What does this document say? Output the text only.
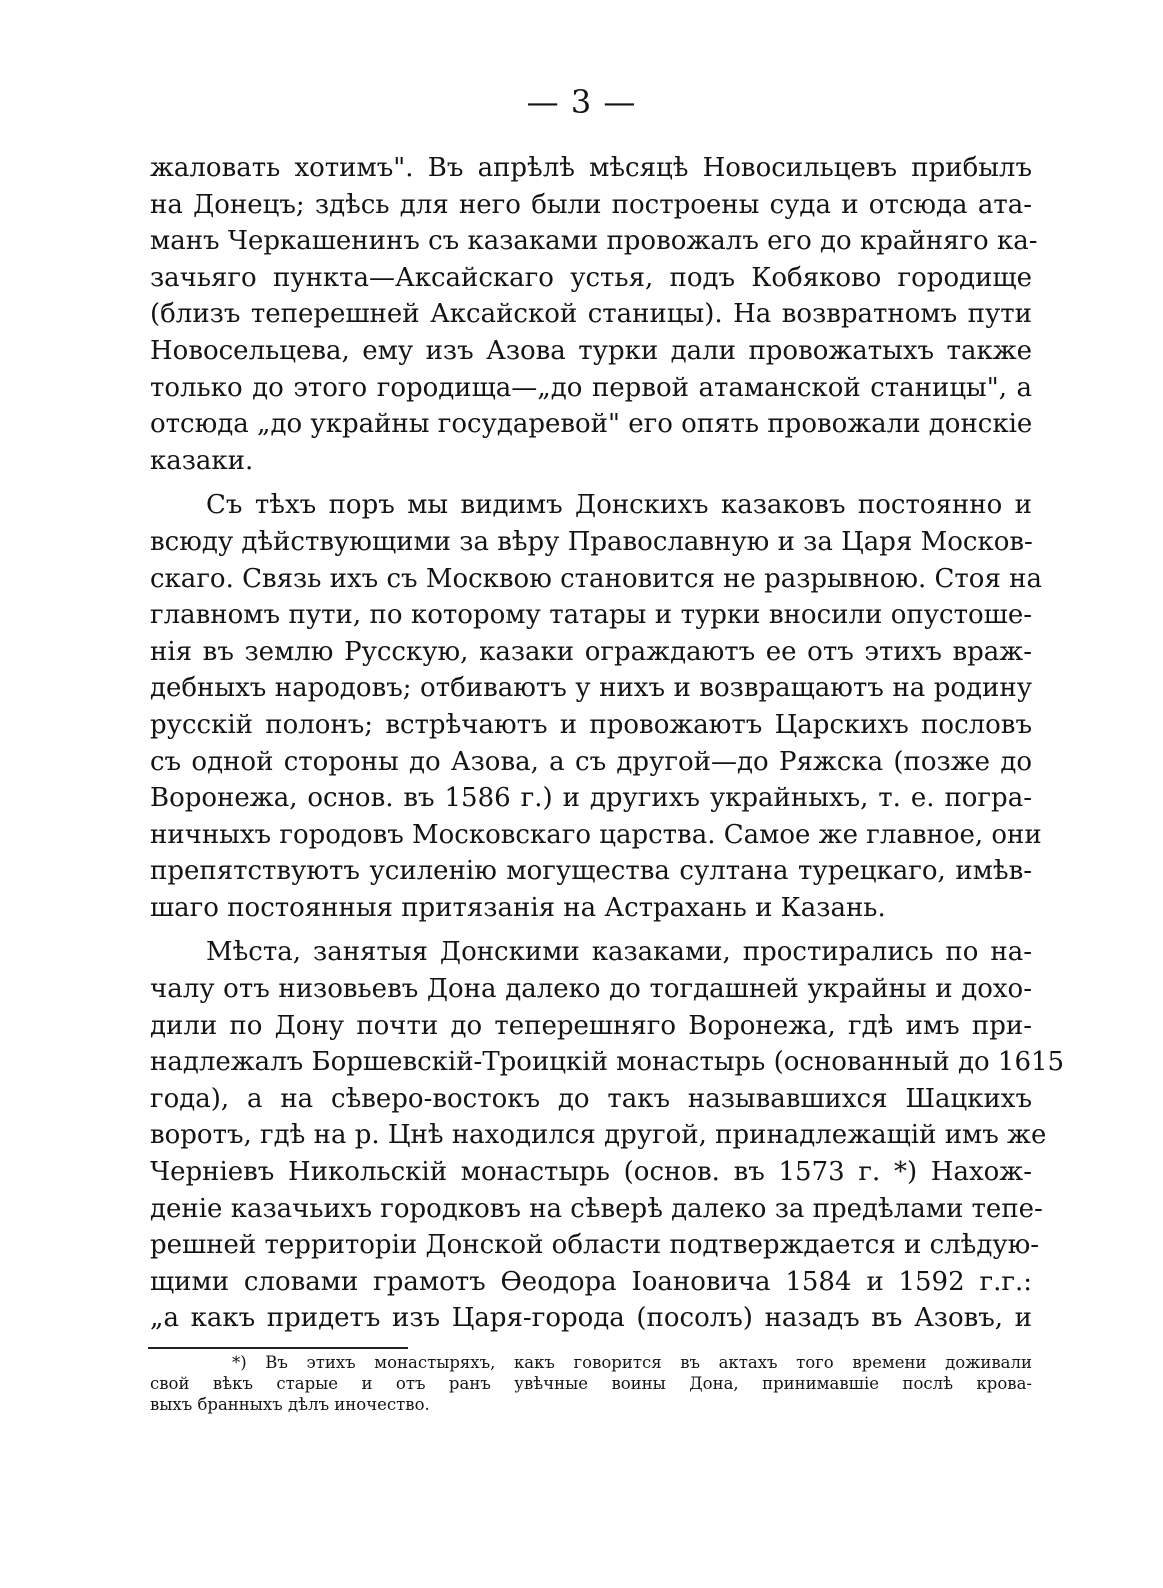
— 3 —

жаловать хотимъ". Въ апрѣлѣ мѣсяцѣ Новосильцевъ прибылъ
на Донецъ; здѣсь для него были построены суда и отсюда ата-
манъ Черкашенинъ съ казаками провожалъ его до крайняго ка-
зачьяго пункта—Аксайскаго устья, подъ Кобяково городище
(близъ теперешней Аксайской станицы). На возвратномъ пути
Новосельцева, ему изъ Азова турки дали провожатыхъ также
только до этого городища—„до первой атаманской станицы", а
отсюда „до украйны государевой" его опять провожали донскіе
казаки.

Съ тѣхъ поръ мы видимъ Донскихъ казаковъ постоянно и
всюду дѣйствующими за вѣру Православную и за Царя Москов-
скаго. Связь ихъ съ Москвою становится не разрывною. Стоя на
главномъ пути, по которому татары и турки вносили опустоше-
нія въ землю Русскую, казаки ограждаютъ ее отъ этихъ враж-
дебныхъ народовъ; отбиваютъ у нихъ и возвращаютъ на родину
русскій полонъ; встрѣчаютъ и провожаютъ Царскихъ пословъ
съ одной стороны до Азова, а съ другой—до Ряжска (позже до
Воронежа, основ. въ 1586 г.) и другихъ украйныхъ, т. е. погра-
ничныхъ городовъ Московскаго царства. Самое же главное, они
препятствуютъ усиленію могущества султана турецкаго, имѣв-
шаго постоянныя притязанія на Астрахань и Казань.

Мѣста, занятыя Донскими казаками, простирались по на-
чалу отъ низовьевъ Дона далеко до тогдашней украйны и дохо-
дили по Дону почти до теперешняго Воронежа, гдѣ имъ при-
надлежалъ Боршевскій-Троицкій монастырь (основанный до 1615
года), а на сѣверо-востокъ до такъ называвшихся Шацкихъ
воротъ, гдѣ на р. Цнѣ находился другой, принадлежащій имъ же
Черніевъ Никольскій монастырь (основ. въ 1573 г. *) Нахож-
деніе казачьихъ городковъ на сѣверѣ далеко за предѣлами тепе-
решней территоріи Донской области подтверждается и слѣдую-
щими словами грамотъ Ѳеодора Іоановича 1584 и 1592 г.г.:
„а какъ придетъ изъ Царя-города (посолъ) назадъ въ Азовъ, и

*) Въ этихъ монастыряхъ, какъ говорится въ актахъ того времени доживали
свой вѣкъ старые и отъ ранъ увѣчные воины Дона, принимавшіе послѣ крова-
выхъ бранныхъ дѣлъ иночество.
